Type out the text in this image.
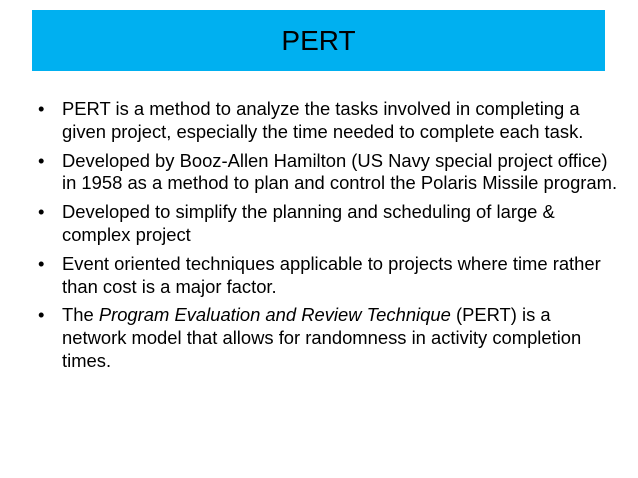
PERT
• PERT is a method to analyze the tasks involved in completing a given project, especially the time needed to complete each task.
• Developed by Booz-Allen Hamilton (US Navy special project office) in 1958 as a method to plan and control the Polaris Missile program.
• Developed to simplify the planning and scheduling of large & complex project
• Event oriented techniques applicable to projects where time rather than cost is a major factor.
• The Program Evaluation and Review Technique (PERT) is a network model that allows for randomness in activity completion times.
